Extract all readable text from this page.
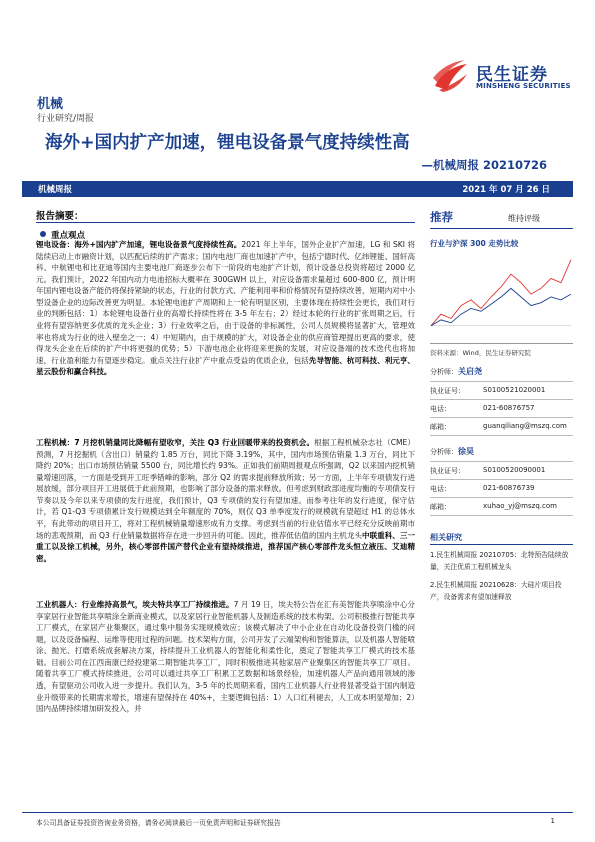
民生证券
MINSHENG SECURITIES
机械
行业研究/周报
海外+国内扩产加速，锂电设备景气度持续性高
—机械周报 20210726
机械周报	2021 年 07 月 26 日
报告摘要：
重点观点
锂电设备：海外+国内扩产加速，锂电设备景气度持续性高。2021 年上半年，国外企业扩产加速，LG 和 SKI 将陆续启动上市融资计划，以匹配后续的扩产需求；国内电池厂商也加速扩产中，包括宁德时代、亿纬锂能、国轩高科、中航锂电和比亚迪等国内主要电池厂商逐步公布下一阶段的电池扩产计划，预计设备总投资将超过 2000 亿元。我们预计，2022 年国内动力电池招标大概率在 300GWH 以上，对应设备需求量超过 600-800 亿，预计明年国内锂电设备产能仍将保持紧缺的状态，行业的付款方式、产能利用率和价格情况有望持续改善，短期内对中小型设备企业的边际改善更为明显。本轮锂电池扩产周期和上一轮有明显区别，主要体现在持续性会更长，我们对行业的判断包括：1）本轮锂电设备行业的高增长持续性将在 3-5 年左右；2）经过本轮的行业的扩张周期之后，行业将有望容纳更多优质的龙头企业；3）行业效率之后，由于设备的非标属性，公司人员规模将显著扩大，管理效率也将成为行业的进入壁垒之一；4）中短期内，由于规模的扩大，对设备企业的供应商管理提出更高的要求，使得龙头企业在后续的扩产中将更强的优势；5）下游电池企业将迎来更换的发展，对应设备端的技术迭代也将加速，行业盈利能力有望逐步稳定。重点关注行业扩产中重点受益的优质企业，包括先导智能、杭可科技、利元亨、星云股份和赢合科技。
工程机械：7 月挖机销量同比降幅有望收窄，关注 Q3 行业回暖带来的投资机会。根据工程机械杂志社（CME）预测，7 月挖掘机（含出口）销量约 1.85 万台，同比下降 3.19%，其中，国内市场预估销量 1.3 万台，同比下降约 20%；出口市场预估销量 5500 台，同比增长约 93%。正如我们前期周报观点所强调，Q2 以来国内挖机销量增速回落，一方面是受到开工旺季错峰的影响，部分 Q2 的需求提前释放所致；另一方面，上半年专项债发行进展放缓，部分项目开工进展低于此前预期，也影响了部分设备的需求释放。但考虑到财政部进度均衡的专项债发行节奏以及今年以来专项债的发行进度，我们预计，Q3 专项债的发行有望加速。而参考往年的发行进度，保守估计，若 Q1-Q3 专项债累计发行规模达到全年额度的 70%，则仅 Q3 单季度发行的规模就有望超过 H1 的总体水平，有此带动的项目开工，将对工程机械销量增速形成有力支撑。考虑到当前的行业估值水平已经充分反映前期市场的悲观预期，而 Q3 行业销量数据将存在进一步回升的可能。因此，推荐低估值的国内主机龙头中联重科、三一重工以及徐工机械，另外，核心零部件国产替代企业有望持续推进，推荐国产核心零部件龙头恒立液压、艾迪精密。
工业机器人：行业维持高景气，埃夫特共享工厂持续推进。7 月 19 日，埃夫特公告在汇有美智能共享喷涂中心分享家居行业智能共享喷涂全新商业模式，以及家居行业智能机器人及制造系统的技术构架。公司积极推行智能共享工厂模式，在家居产业集聚区，通过集中服务实现规模效应；该模式解决了中小企业在自动化设备投资门槛的问题，以及设备编程、运维等使用过程的问题。技术架构方面，公司开发了云端架构和智能算法，以及机器人智能喷涂、抛光、打磨系统成套解决方案，持续提升工业机器人的智能化和柔性化，奠定了智能共享工厂模式的技术基础。目前公司在江西南康已经投建第二期智能共享工厂，同时积极推进其他家居产业聚集区的智能共享工厂项目。随着共享工厂模式持续推进，公司可以通过共享工厂积累工艺数据和场景经验，加速机器人产品向通用领域的渗透，有望驱动公司收入进一步提升。我们认为，3-5 年的长周期来看，国内工业机器人行业将显著受益于国内制造业升级带来的长期需求增长，增速有望保持在 40%+，主要逻辑包括：1）人口红利褪去，人工成本明显增加；2）国内品牌持续增加研发投入，并
推荐	维持评级
行业与沪深 300 走势比较
资料来源：Wind，民生证券研究院
分析师：关启尧
执业证号：	S0100521020001
电话：	021-60876757
邮箱：	guanqiliang@mszq.com
分析师：徐昊
执业证号：	S0100520090001
电话：	021-60876739
邮箱：	xuhao_yj@mszq.com
相关研究
1.民生机械周报 20210705：北特预告陆续放量，关注优质工程机械龙头
2.民生机械周报 20210628：大硅片项目投产，设备需求有望加速释放
本公司具备证券投资咨询业务资格，请务必阅读最后一页免责声明和证券研究报告	1
